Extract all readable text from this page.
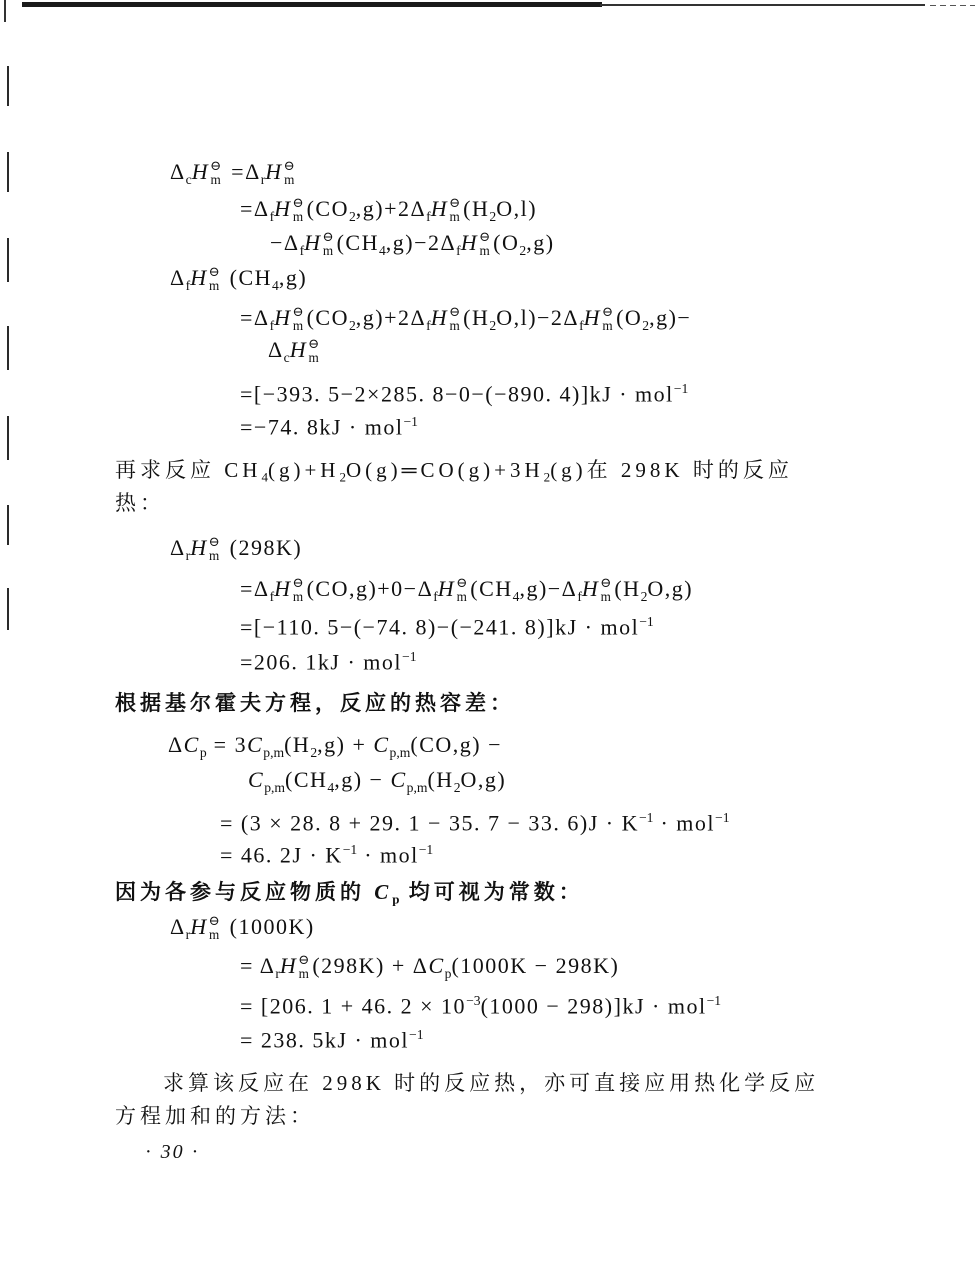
$\Delta_cH$ ⊖
$m =\Delta_rH$ ⊖
m
$=\Delta_fH$ ⊖
m $(CO_2,g)+2\Delta_fH$ ⊖
m $(H_2O,l)$
$-\Delta_fH$ ⊖
m $(CH_4,g)-2\Delta_fH$ ⊖
m $(O_2,g)$
$\Delta_fH$ ⊖
m $(CH_4,g)$
$=\Delta_fH$ ⊖
m $(CO_2,g)+2\Delta_fH$ ⊖
m $(H_2O,l)-2\Delta_fH$ ⊖
m $(O_2,g)-$
$\Delta_cH$ ⊖
m
=[−393. 5−2×285. 8−0−(−890. 4)]kJ · mol$^{-1}$
=−74. 8kJ · mol$^{-1}$
再求反应 $CH_4(g)+H_2O(g)═CO(g)+3H_2(g)$在 298K 时的反应
热：
$\Delta_rH$ ⊖
m (298K)
$=\Delta_fH$ ⊖
m $(CO,g)+0-\Delta_fH$ ⊖
m $(CH_4,g)-\Delta_fH$ ⊖
m $(H_2O,g)$
=[−110. 5−(−74. 8)−(−241. 8)]kJ · mol$^{-1}$
=206. 1kJ · mol$^{-1}$
根据基尔霍夫方程，反应的热容差：
$\Delta C_p = 3C_{p,m}(H_2,g) + C_{p,m}(CO,g)$ −
$C_{p,m}(CH_4,g) - C_{p,m}(H_2O,g)$
= (3 × 28. 8 + 29. 1 − 35. 7 − 33. $6)J \cdot K^{-1} \cdot mol^{-1}$
= 46. $2J \cdot K^{-1} \cdot mol^{-1}$
因为各参与反应物质的 $C_p$ 均可视为常数：
$\Delta_rH$ ⊖
m (1000K)
= $\Delta_rH$ ⊖
m $(298K) + \Delta C_p(1000K - 298K)$
= [206. 1 + 46. $2 \times 10^{-3}(1000 - 298)]kJ \cdot mol^{-1}$
= 238. 5kJ · mol$^{-1}$
求算该反应在 298K 时的反应热，亦可直接应用热化学反应
方程加和的方法：
· 30 ·
